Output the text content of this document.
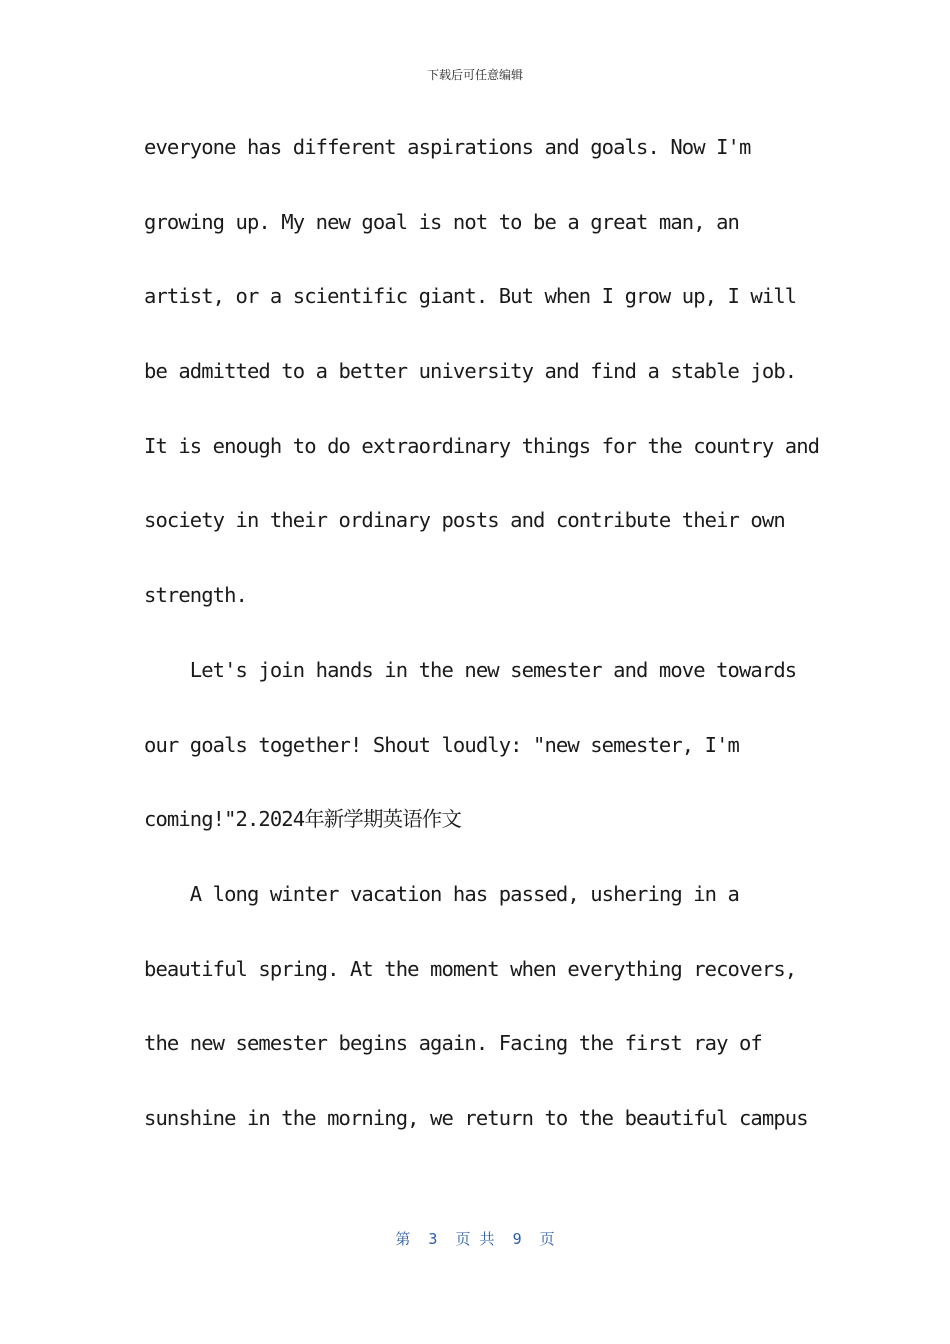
下载后可任意编辑
everyone has different aspirations and goals. Now I'm
growing up. My new goal is not to be a great man, an
artist, or a scientific giant. But when I grow up, I will
be admitted to a better university and find a stable job.
It is enough to do extraordinary things for the country and
society in their ordinary posts and contribute their own
strength.
Let's join hands in the new semester and move towards
our goals together! Shout loudly: "new semester, I'm
coming!"2.2024年新学期英语作文
A long winter vacation has passed, ushering in a
beautiful spring. At the moment when everything recovers,
the new semester begins again. Facing the first ray of
sunshine in the morning, we return to the beautiful campus
第  3  页 共  9  页
